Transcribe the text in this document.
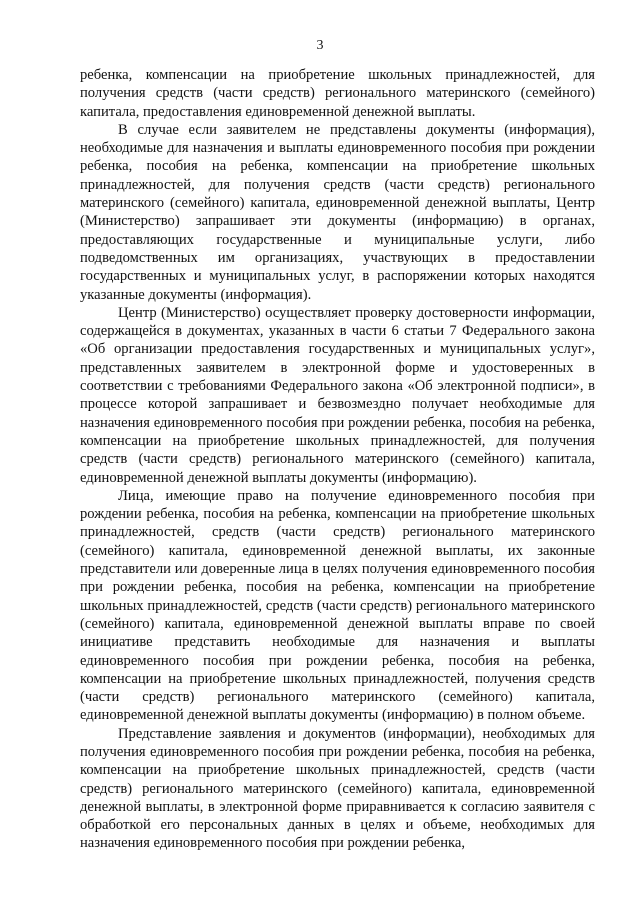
3

ребенка, компенсации на приобретение школьных принадлежностей, для получения средств (части средств) регионального материнского (семейного) капитала, предоставления единовременной денежной выплаты.

В случае если заявителем не представлены документы (информация), необходимые для назначения и выплаты единовременного пособия при рождении ребенка, пособия на ребенка, компенсации на приобретение школьных принадлежностей, для получения средств (части средств) регионального материнского (семейного) капитала, единовременной денежной выплаты, Центр (Министерство) запрашивает эти документы (информацию) в органах, предоставляющих государственные и муниципальные услуги, либо подведомственных им организациях, участвующих в предоставлении государственных и муниципальных услуг, в распоряжении которых находятся указанные документы (информация).

Центр (Министерство) осуществляет проверку достоверности информации, содержащейся в документах, указанных в части 6 статьи 7 Федерального закона «Об организации предоставления государственных и муниципальных услуг», представленных заявителем в электронной форме и удостоверенных в соответствии с требованиями Федерального закона «Об электронной подписи», в процессе которой запрашивает и безвозмездно получает необходимые для назначения единовременного пособия при рождении ребенка, пособия на ребенка, компенсации на приобретение школьных принадлежностей, для получения средств (части средств) регионального материнского (семейного) капитала, единовременной денежной выплаты документы (информацию).

Лица, имеющие право на получение единовременного пособия при рождении ребенка, пособия на ребенка, компенсации на приобретение школьных принадлежностей, средств (части средств) регионального материнского (семейного) капитала, единовременной денежной выплаты, их законные представители или доверенные лица в целях получения единовременного пособия при рождении ребенка, пособия на ребенка, компенсации на приобретение школьных принадлежностей, средств (части средств) регионального материнского (семейного) капитала, единовременной денежной выплаты вправе по своей инициативе представить необходимые для назначения и выплаты единовременного пособия при рождении ребенка, пособия на ребенка, компенсации на приобретение школьных принадлежностей, получения средств (части средств) регионального материнского (семейного) капитала, единовременной денежной выплаты документы (информацию) в полном объеме.

Представление заявления и документов (информации), необходимых для получения единовременного пособия при рождении ребенка, пособия на ребенка, компенсации на приобретение школьных принадлежностей, средств (части средств) регионального материнского (семейного) капитала, единовременной денежной выплаты, в электронной форме приравнивается к согласию заявителя с обработкой его персональных данных в целях и объеме, необходимых для назначения единовременного пособия при рождении ребенка,
